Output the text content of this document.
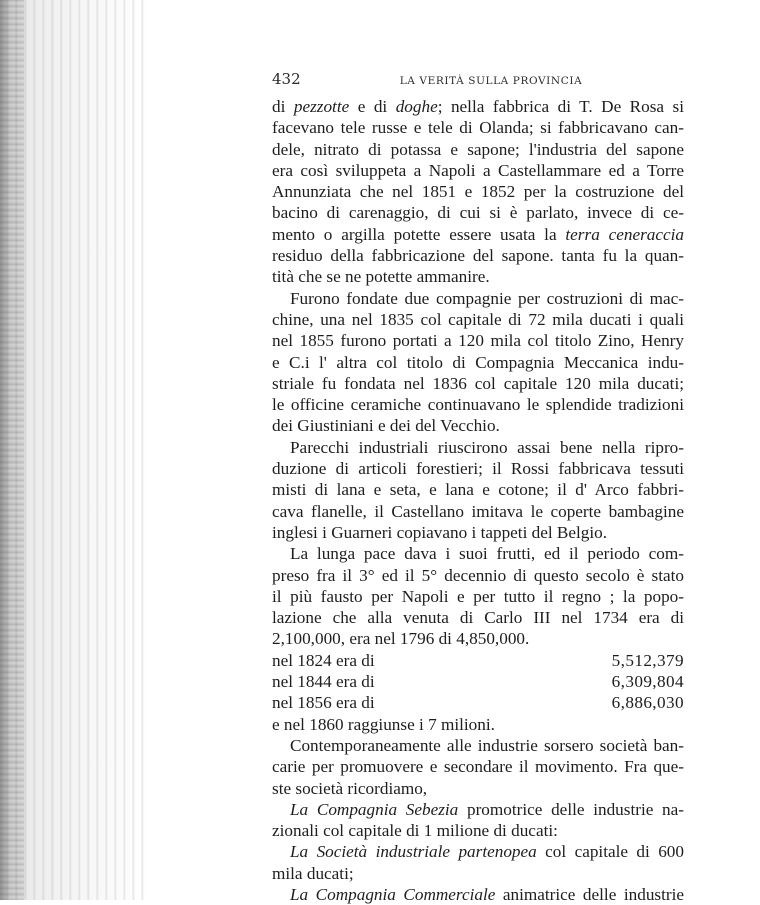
432	LA VERITÀ SULLA PROVINCIA
di pezzotte e di doghe; nella fabbrica di T. De Rosa si
facevano tele russe e tele di Olanda; si fabbricavano can-
dele, nitrato di potassa e sapone; l'industria del sapone
era così sviluppeta a Napoli a Castellammare ed a Torre
Annunziata che nel 1851 e 1852 per la costruzione del
bacino di carenaggio, di cui si è parlato, invece di ce-
mento o argilla potette essere usata la terra ceneraccia
residuo della fabbricazione del sapone. tanta fu la quan-
tità che se ne potette ammanire.
Furono fondate due compagnie per costruzioni di mac-
chine, una nel 1835 col capitale di 72 mila ducati i quali
nel 1855 furono portati a 120 mila col titolo Zino, Henry
e C.i l' altra col titolo di Compagnia Meccanica indu-
striale fu fondata nel 1836 col capitale 120 mila ducati;
le officine ceramiche continuavano le splendide tradizioni
dei Giustiniani e dei del Vecchio.
Parecchi industriali riuscirono assai bene nella ripro-
duzione di articoli forestieri; il Rossi fabbricava tessuti
misti di lana e seta, e lana e cotone; il d' Arco fabbri-
cava flanelle, il Castellano imitava le coperte bambagine
inglesi i Guarneri copiavano i tappeti del Belgio.
La lunga pace dava i suoi frutti, ed il periodo com-
preso fra il 3° ed il 5° decennio di questo secolo è stato
il più fausto per Napoli e per tutto il regno ; la popo-
lazione che alla venuta di Carlo III nel 1734 era di
2,100,000, era nel 1796 di 4,850,000.
nel 1824 era di	5,512,379
nel 1844 era di	6,309,804
nel 1856 era di	6,886,030
e nel 1860 raggiunse i 7 milioni.
Contemporaneamente alle industrie sorsero società ban-
carie per promuovere e secondare il movimento. Fra que-
ste società ricordiamo,
La Compagnia Sebezia promotrice delle industrie na-
zionali col capitale di 1 milione di ducati:
La Società industriale partenopea col capitale di 600
mila ducati;
La Compagnia Commerciale animatrice delle industrie
